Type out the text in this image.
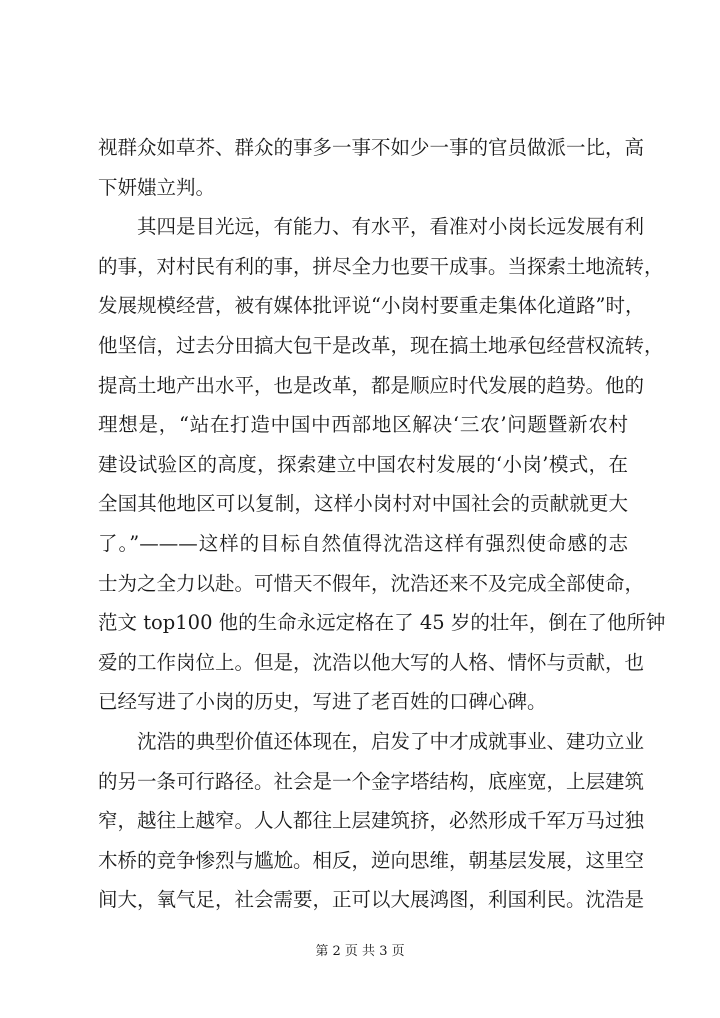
视群众如草芥、群众的事多一事不如少一事的官员做派一比，高
下妍媸立判。
其四是目光远，有能力、有水平，看准对小岗长远发展有利
的事，对村民有利的事，拼尽全力也要干成事。当探索土地流转，
发展规模经营，被有媒体批评说“小岗村要重走集体化道路”时，
他坚信，过去分田搞大包干是改革，现在搞土地承包经营权流转，
提高土地产出水平，也是改革，都是顺应时代发展的趋势。他的
理想是，“站在打造中国中西部地区解决‘三农’问题暨新农村
建设试验区的高度，探索建立中国农村发展的‘小岗’模式，在
全国其他地区可以复制，这样小岗村对中国社会的贡献就更大
了。”———这样的目标自然值得沈浩这样有强烈使命感的志
士为之全力以赴。可惜天不假年，沈浩还来不及完成全部使命，
范文 top100 他的生命永远定格在了 45 岁的壮年，倒在了他所钟
爱的工作岗位上。但是，沈浩以他大写的人格、情怀与贡献，也
已经写进了小岗的历史，写进了老百姓的口碑心碑。
沈浩的典型价值还体现在，启发了中才成就事业、建功立业
的另一条可行路径。社会是一个金字塔结构，底座宽，上层建筑
窄，越往上越窄。人人都往上层建筑挤，必然形成千军万马过独
木桥的竞争惨烈与尴尬。相反，逆向思维，朝基层发展，这里空
间大，氧气足，社会需要，正可以大展鸿图，利国利民。沈浩是
第 2 页 共 3 页
